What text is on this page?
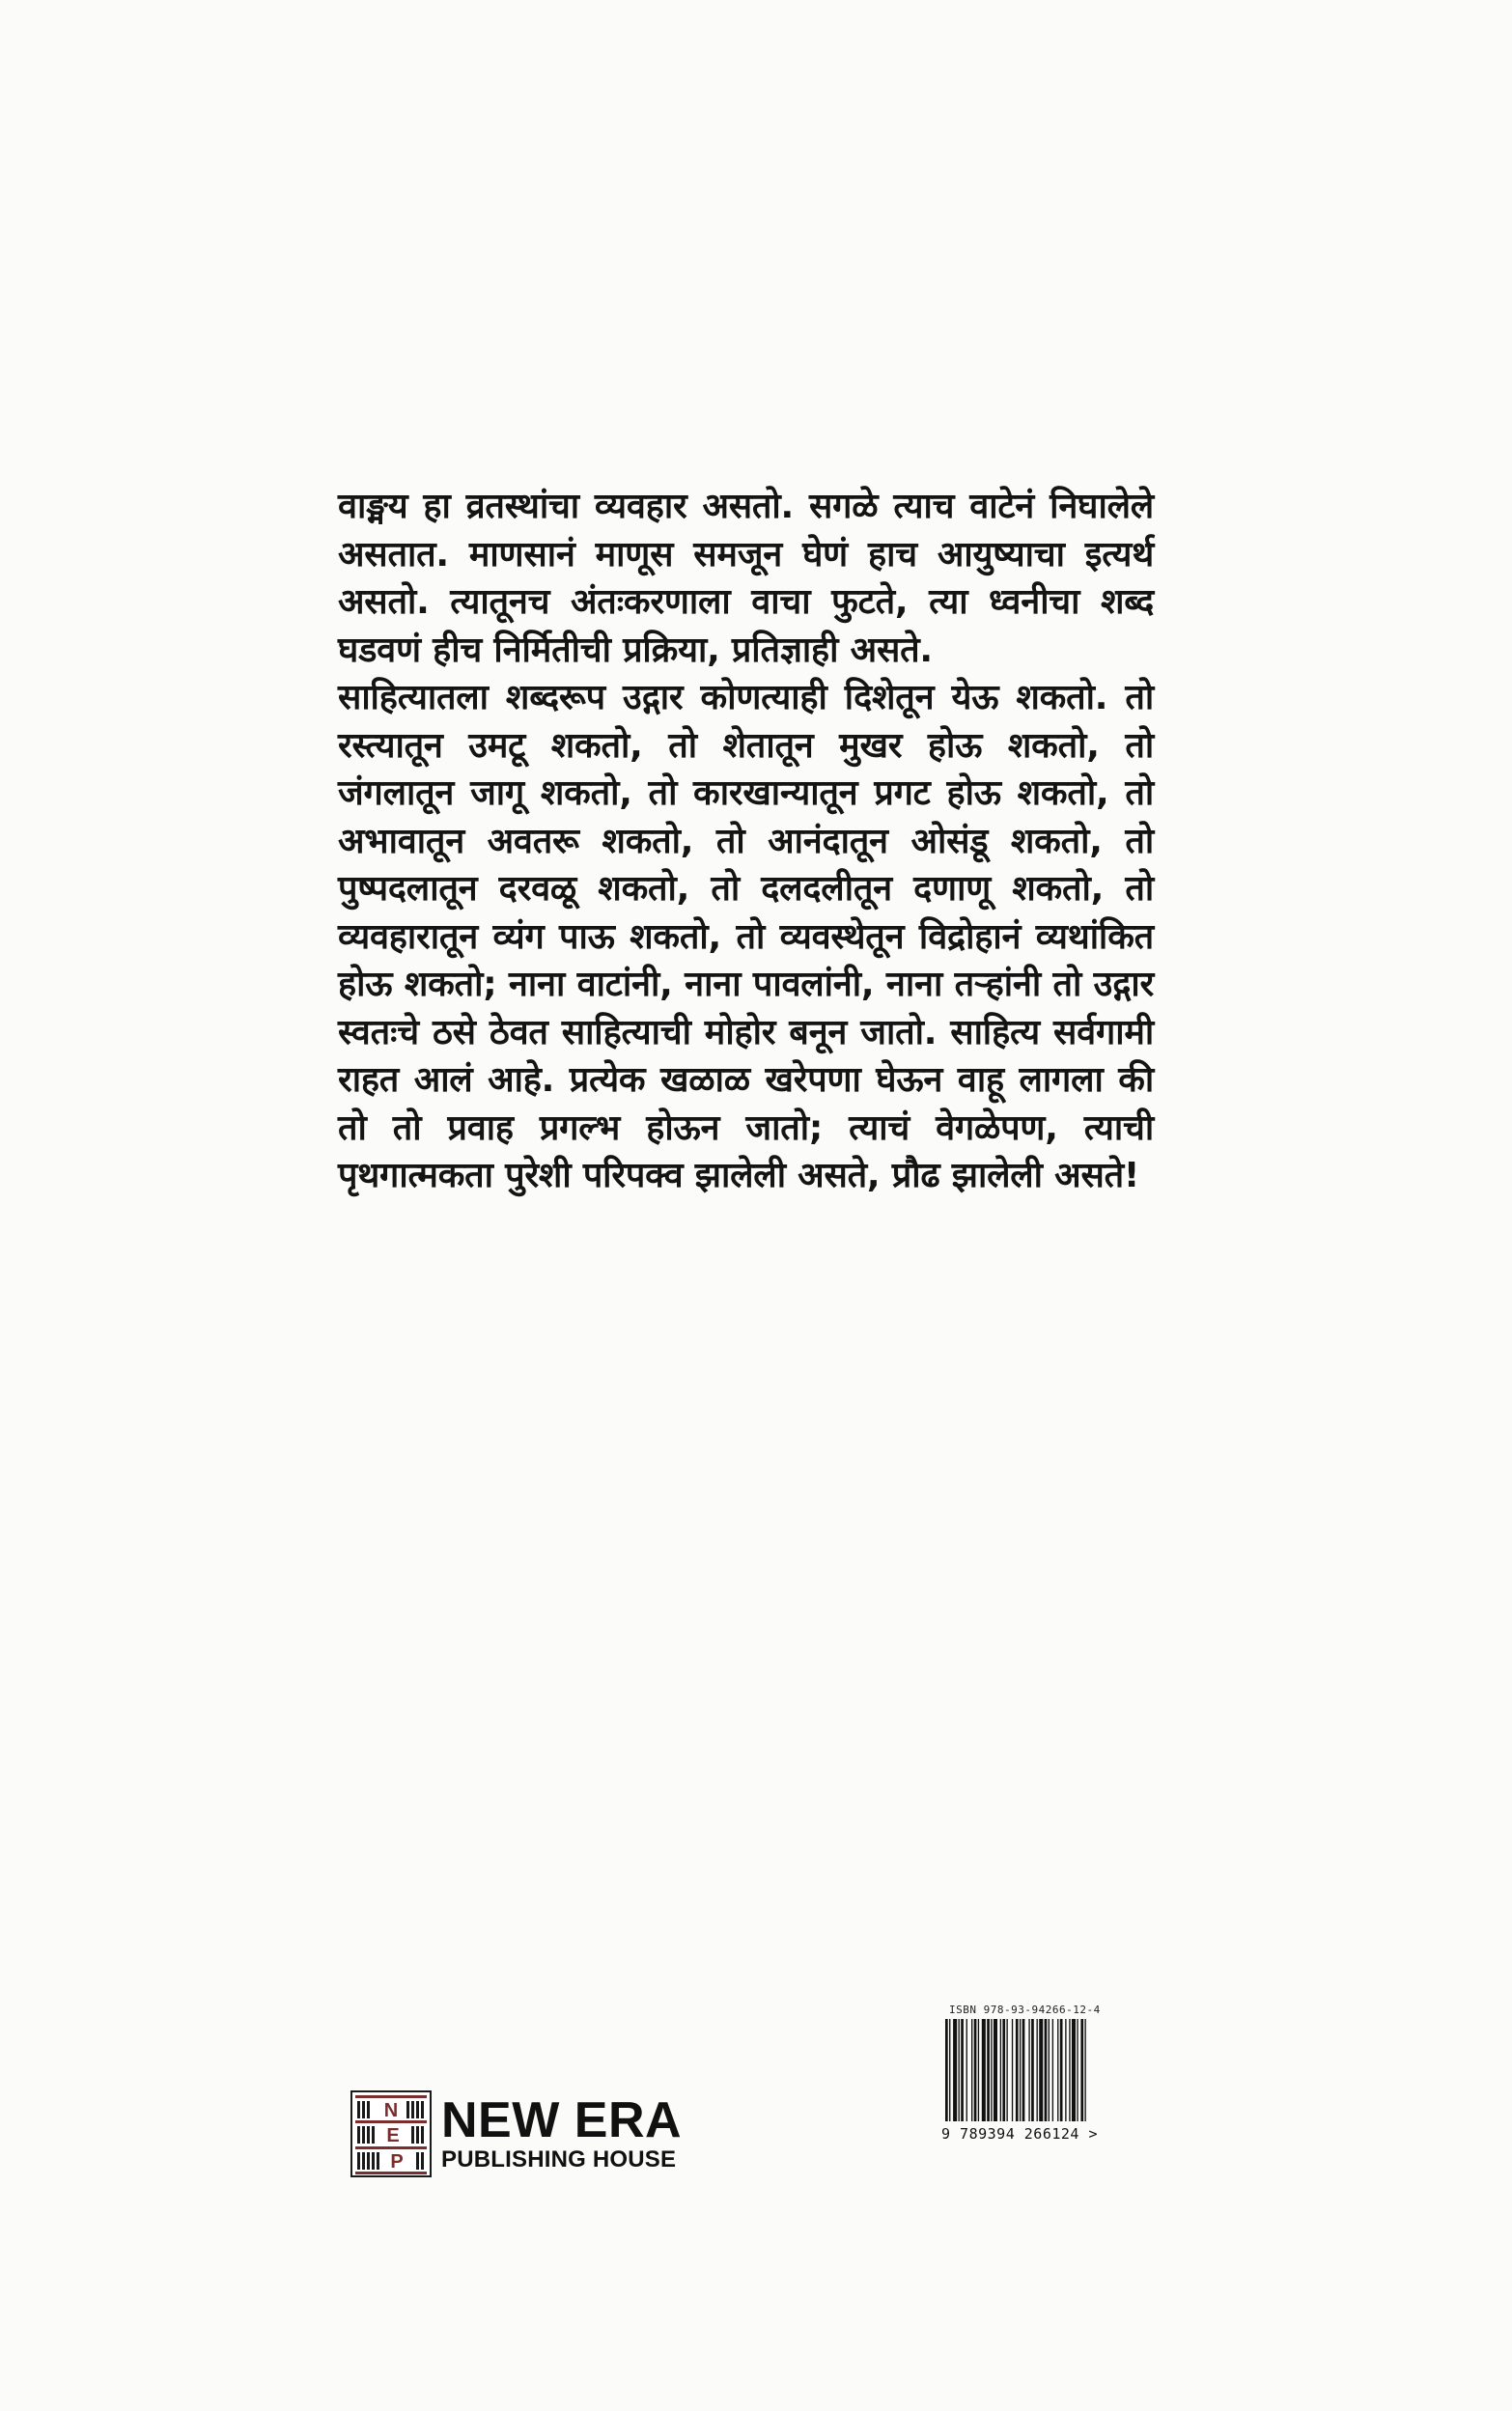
वाङ्मय हा व्रतस्थांचा व्यवहार असतो. सगळे त्याच वाटेनं निघालेले असतात. माणसानं माणूस समजून घेणं हाच आयुष्याचा इत्यर्थ असतो. त्यातूनच अंतःकरणाला वाचा फुटते, त्या ध्वनीचा शब्द घडवणं हीच निर्मितीची प्रक्रिया, प्रतिज्ञाही असते.

साहित्यातला शब्दरूप उद्गार कोणत्याही दिशेतून येऊ शकतो. तो रस्त्यातून उमटू शकतो, तो शेतातून मुखर होऊ शकतो, तो जंगलातून जागू शकतो, तो कारखान्यातून प्रगट होऊ शकतो, तो अभावातून अवतरू शकतो, तो आनंदातून ओसंडू शकतो, तो पुष्पदलातून दरवळू शकतो, तो दलदलीतून दणाणू शकतो, तो व्यवहारातून व्यंग पाऊ शकतो, तो व्यवस्थेतून विद्रोहानं व्यथांकित होऊ शकतो; नाना वाटांनी, नाना पावलांनी, नाना तऱ्हांनी तो उद्गार स्वतःचे ठसे ठेवत साहित्याची मोहोर बनून जातो. साहित्य सर्वगामी राहत आलं आहे. प्रत्येक खळाळ खरेपणा घेऊन वाहू लागला की तो तो प्रवाह प्रगल्भ होऊन जातो; त्याचं वेगळेपण, त्याची पृथगात्मकता पुरेशी परिपक्व झालेली असते, प्रौढ झालेली असते!

ISBN 978-93-94266-12-4
9 789394 266124 >
N
E
P
NEW ERA
PUBLISHING HOUSE
